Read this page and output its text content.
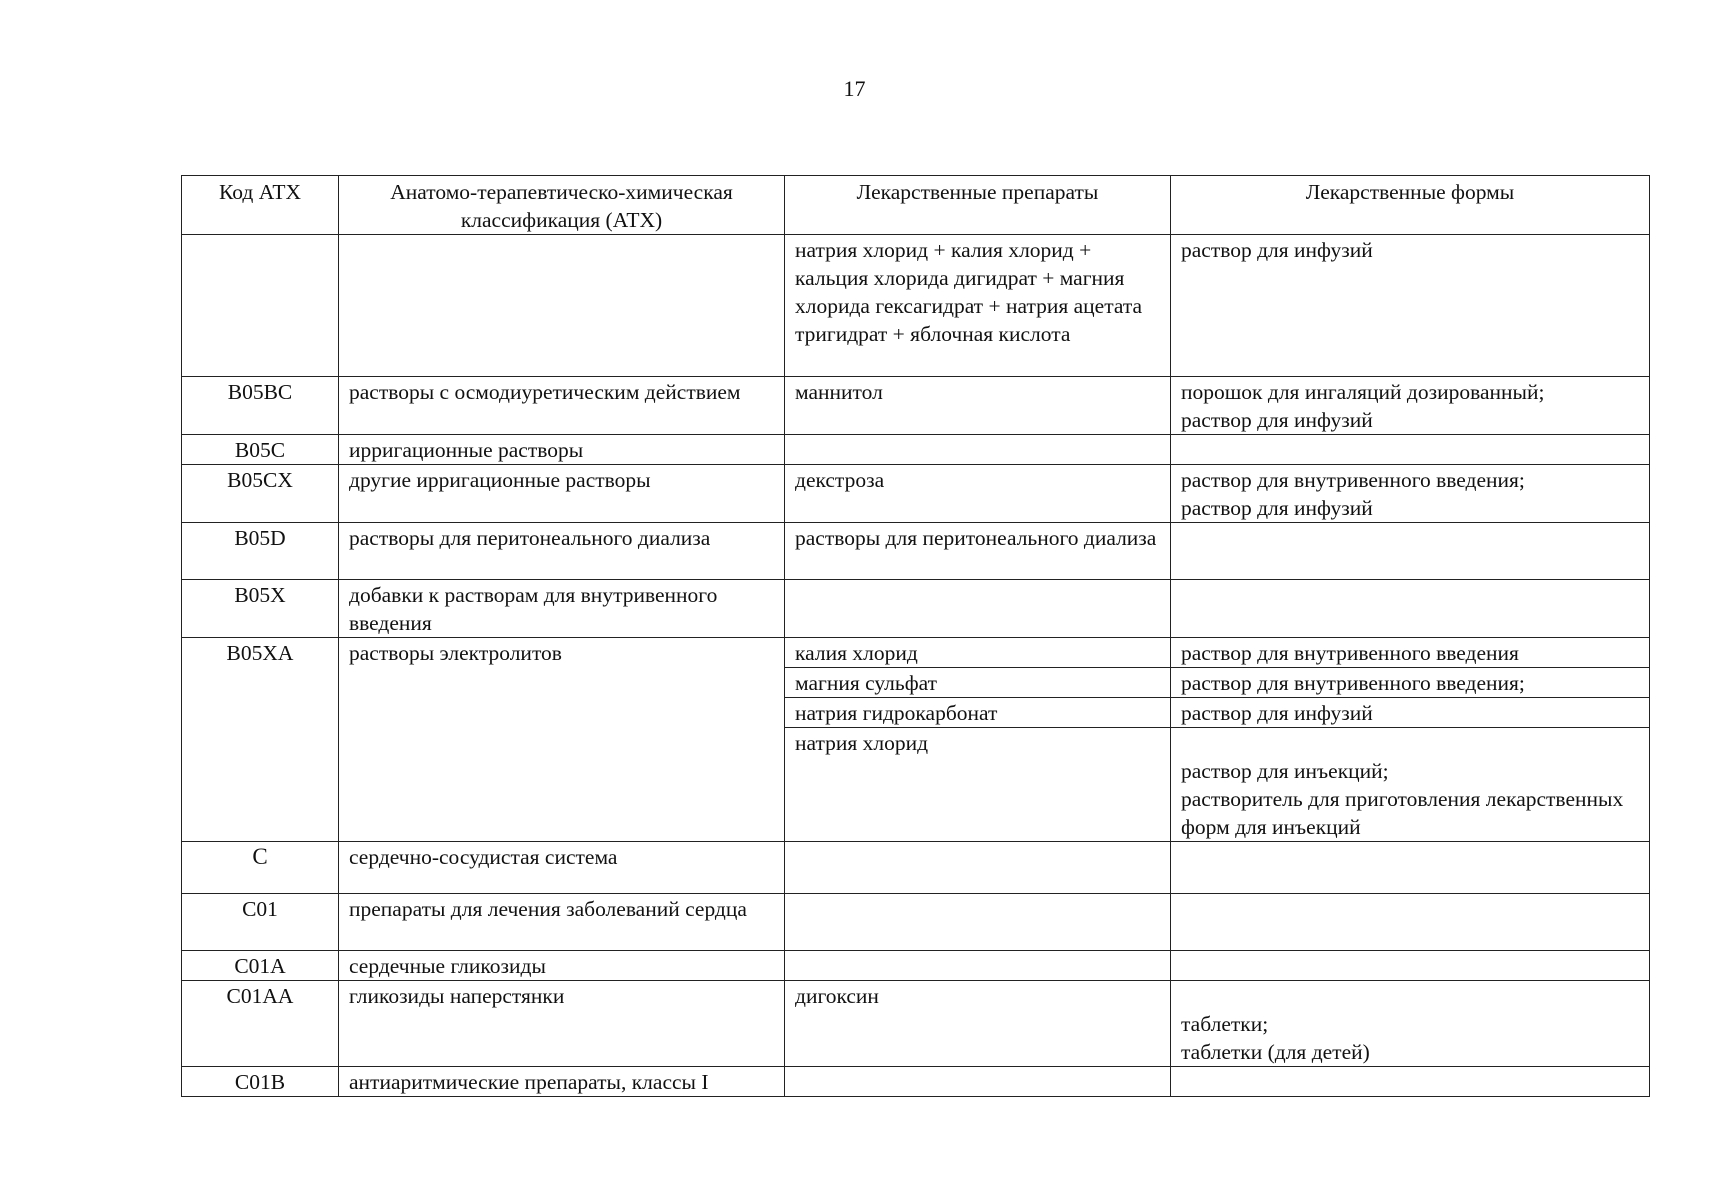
17
Код АТХ	Анатомо-терапевтическо-химическая классификация (АТХ)	Лекарственные препараты	Лекарственные формы
		натрия хлорид + калия хлорид + кальция хлорида дигидрат + магния хлорида гексагидрат + натрия ацетата тригидрат + яблочная кислота	раствор для инфузий

B05BC	растворы с осмодиуретическим действием	маннитол	порошок для ингаляций дозированный;
раствор для инфузий

B05C	ирригационные растворы		
B05CX	другие ирригационные растворы	декстроза	раствор для внутривенного введения;
раствор для инфузий

B05D	растворы для перитонеального диализа	растворы для перитонеального диализа	
B05X	добавки к растворам для внутривенного введения		
B05XA	растворы электролитов	калия хлорид	раствор для внутривенного введения

		магния сульфат	раствор для внутривенного введения;

		натрия гидрокарбонат	раствор для инфузий

		натрия хлорид	раствор для инъекций;
растворитель для приготовления лекарственных форм для инъекций

C	сердечно-сосудистая система		
C01	препараты для лечения заболеваний сердца		
C01A	сердечные гликозиды		
C01AA	гликозиды наперстянки	дигоксин	таблетки;
таблетки (для детей)

C01B	антиаритмические препараты, классы I		
